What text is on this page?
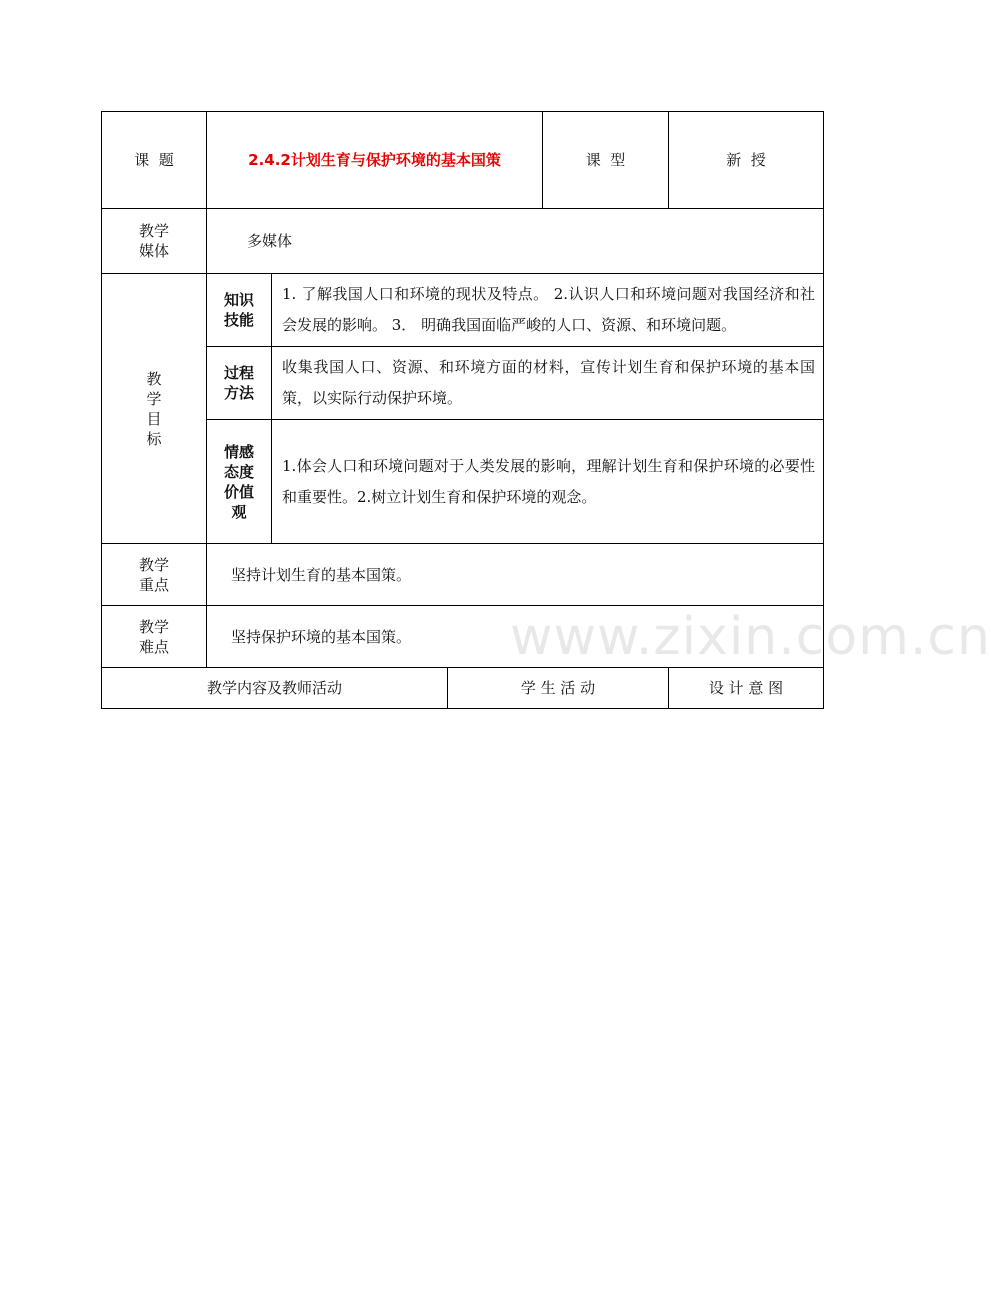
课  题	2.4.2计划生育与保护环境的基本国策			课  型	新  授

教学媒体	多媒体				

教学目标	知识技能	1. 了解我国人口和环境的现状及特点。 2.认识人口和环境问题对我国经济和社会发展的影响。 3． 明确我国面临严峻的人口、资源、和环境问题。			

	过程方法	收集我国人口、资源、和环境方面的材料，宣传计划生育和保护环境的基本国策，以实际行动保护环境。			

	情感态度价值观	1.体会人口和环境问题对于人类发展的影响，理解计划生育和保护环境的必要性和重要性。2.树立计划生育和保护环境的观念。			

教学重点	坚持计划生育的基本国策。				

教学难点	坚持保护环境的基本国策。				
教学内容及教师活动			学 生 活 动		设 计 意 图
www.zixin.com.cn
